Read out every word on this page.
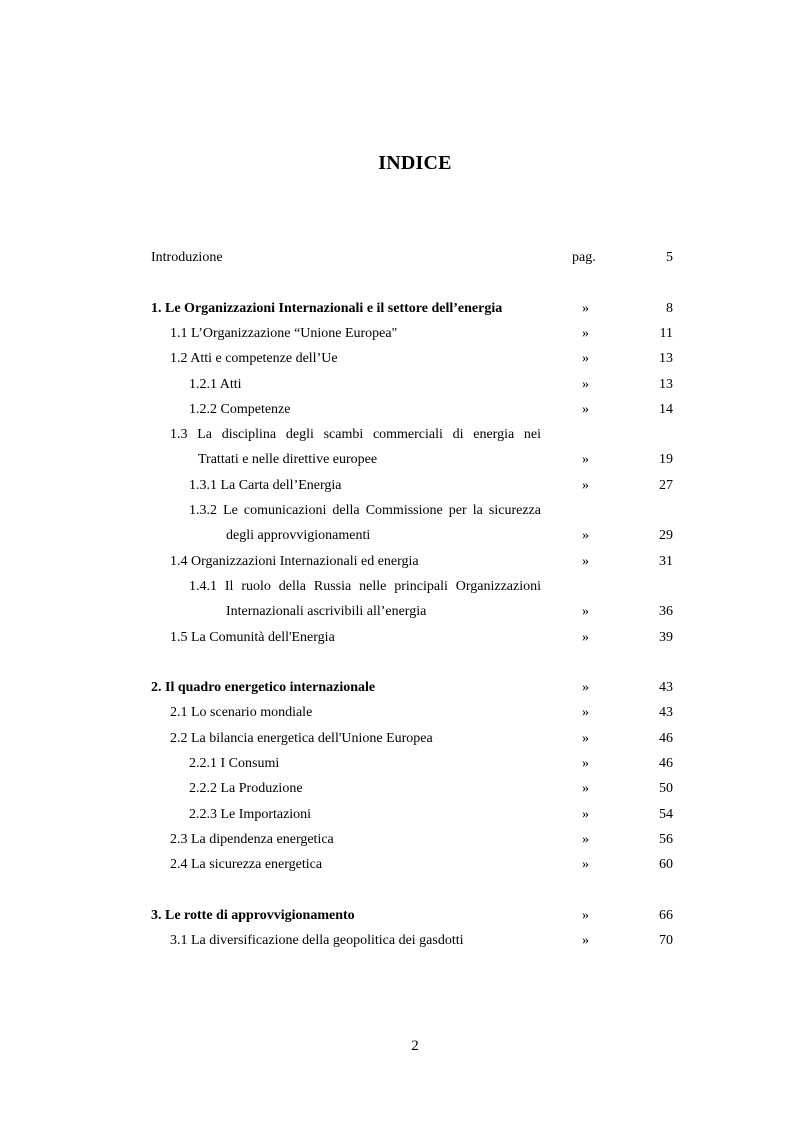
INDICE
Introduzione	pag.	5
1. Le Organizzazioni Internazionali e il settore dell’energia	»	8
1.1 L’Organizzazione “Unione Europea"	»	11
1.2 Atti e competenze dell’Ue	»	13
1.2.1 Atti	»	13
1.2.2 Competenze	»	14
1.3 La disciplina degli scambi commerciali di energia nei
Trattati e nelle direttive europee	»	19
1.3.1 La Carta dell’Energia	»	27
1.3.2 Le comunicazioni della Commissione per la sicurezza
degli approvvigionamenti	»	29
1.4 Organizzazioni Internazionali ed energia	»	31
1.4.1 Il ruolo della Russia nelle principali Organizzazioni
Internazionali ascrivibili all’energia	»	36
1.5 La Comunità dell'Energia	»	39
2. Il quadro energetico internazionale	»	43
2.1 Lo scenario mondiale	»	43
2.2 La bilancia energetica dell'Unione Europea	»	46
2.2.1 I Consumi	»	46
2.2.2 La Produzione	»	50
2.2.3 Le Importazioni	»	54
2.3 La dipendenza energetica	»	56
2.4 La sicurezza energetica	»	60
3. Le rotte di approvvigionamento	»	66
3.1 La diversificazione della geopolitica dei gasdotti	»	70
2
